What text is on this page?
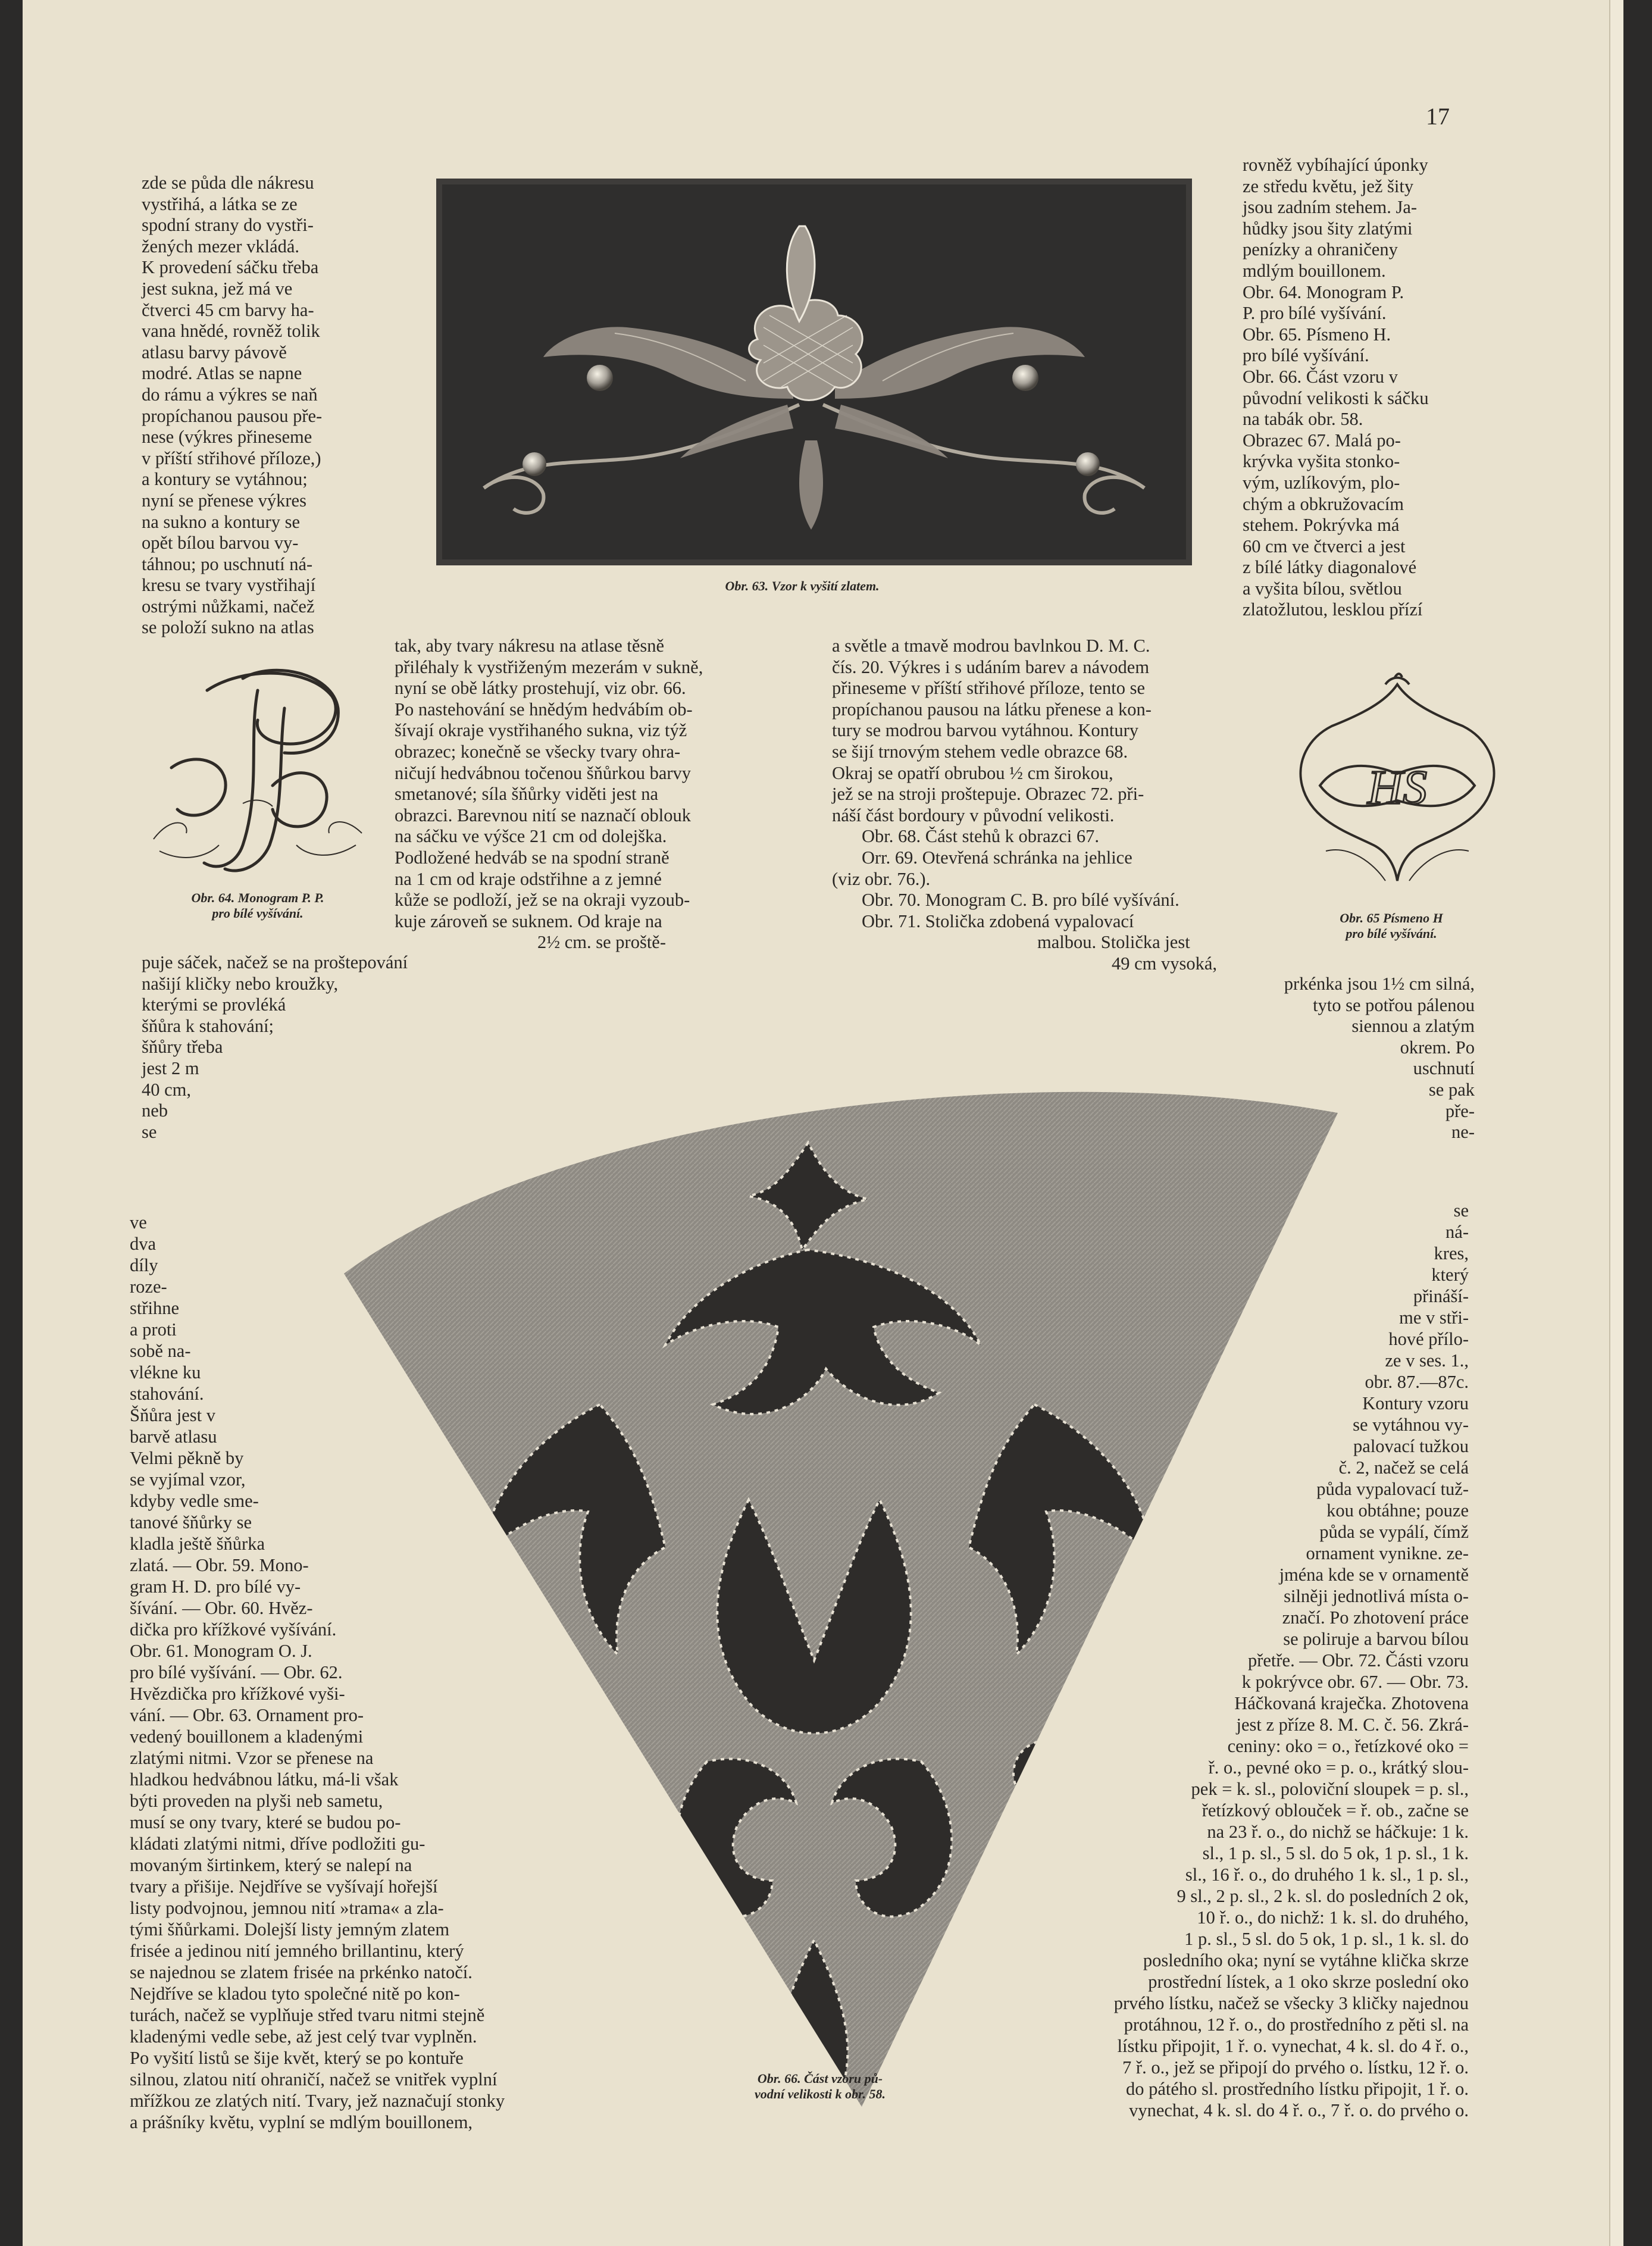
17
Obr. 63. Vzor k vyšití zlatem.
zde se půda dle nákresu
vystřihá, a látka se ze
spodní strany do vystři-
žených mezer vkládá.
K provedení sáčku třeba
jest sukna, jež má ve
čtverci 45 cm barvy ha-
vana hnědé, rovněž tolik
atlasu barvy pávově
modré. Atlas se napne
do rámu a výkres se naň
propíchanou pausou pře-
nese (výkres přineseme
v příští střihové příloze,)
a kontury se vytáhnou;
nyní se přenese výkres
na sukno a kontury se
opět bílou barvou vy-
táhnou; po uschnutí ná-
kresu se tvary vystřihají
ostrými nůžkami, načež
se položí sukno na atlas
rovněž vybíhající úponky
ze středu květu, jež šity
jsou zadním stehem. Ja-
hůdky jsou šity zlatými
penízky a ohraničeny
mdlým bouillonem.
Obr. 64. Monogram P.
P. pro bílé vyšívání.
Obr. 65. Písmeno H.
pro bílé vyšívání.
Obr. 66. Část vzoru v
původní velikosti k sáčku
na tabák obr. 58.
Obrazec 67. Malá po-
krývka vyšita stonko-
vým, uzlíkovým, plo-
chým a obkružovacím
stehem. Pokrývka má
60 cm ve čtverci a jest
z bílé látky diagonalové
a vyšita bílou, světlou
zlatožlutou, lesklou přízí
Obr. 64. Monogram P. P.
pro bílé vyšívání.
tak, aby tvary nákresu na atlase těsně
přiléhaly k vystřiženým mezerám v sukně,
nyní se obě látky prostehují, viz obr. 66.
Po nastehování se hnědým hedvábím ob-
šívají okraje vystřihaného sukna, viz týž
obrazec; konečně se všecky tvary ohra-
ničují hedvábnou točenou šňůrkou barvy
smetanové; síla šňůrky viděti jest na
obrazci. Barevnou nití se naznačí oblouk
na sáčku ve výšce 21 cm od dolejška.
Podložené hedváb se na spodní straně
na 1 cm od kraje odstřihne a z jemné
kůže se podloží, jež se na okraji vyzoub-
kuje zároveň se suknem. Od kraje na
2½ cm. se proště-
a světle a tmavě modrou bavlnkou D. M. C.
čís. 20. Výkres i s udáním barev a návodem
přineseme v příští střihové příloze, tento se
propíchanou pausou na látku přenese a kon-
tury se modrou barvou vytáhnou. Kontury
se šijí trnovým stehem vedle obrazce 68.
Okraj se opatří obrubou ½ cm širokou,
jež se na stroji proštepuje. Obrazec 72. při-
náší část bordoury v původní velikosti.
Obr. 68. Část stehů k obrazci 67.
Orr. 69. Otevřená schránka na jehlice
(viz obr. 76.).
Obr. 70. Monogram C. B. pro bílé vyšívání.
Obr. 71. Stolička zdobená vypalovací
malbou. Stolička jest
49 cm vysoká,
HS
Obr. 65 Písmeno H
pro bílé vyšívání.
puje sáček, načež se na proštepování
našijí kličky nebo kroužky,
kterými se provléká
šňůra k stahování;
šňůry třeba
jest 2 m
40 cm,
neb
se
prkénka jsou 1½ cm silná,
tyto se potřou pálenou
siennou a zlatým
okrem. Po
uschnutí
se pak
pře-
ne-
Obr. 66. Část vzoru pů-
vodní velikosti k obr. 58.
ve
dva
díly
roze-
střihne
a proti
sobě na-
vlékne ku
stahování.
Šňůra jest v
barvě atlasu
Velmi pěkně by
se vyjímal vzor,
kdyby vedle sme-
tanové šňůrky se
kladla ještě šňůrka
zlatá. — Obr. 59. Mono-
gram H. D. pro bílé vy-
šívání. — Obr. 60. Hvěz-
dička pro křížkové vyšívání.
Obr. 61. Monogram O. J.
pro bílé vyšívání. — Obr. 62.
Hvězdička pro křížkové vyši-
vání. — Obr. 63. Ornament pro-
vedený bouillonem a kladenými
zlatými nitmi. Vzor se přenese na
hladkou hedvábnou látku, má-li však
býti proveden na plyši neb sametu,
musí se ony tvary, které se budou po-
kládati zlatými nitmi, dříve podložiti gu-
movaným širtinkem, který se nalepí na
tvary a přišije. Nejdříve se vyšívají hořejší
listy podvojnou, jemnou nití »trama« a zla-
tými šňůrkami. Dolejší listy jemným zlatem
frisée a jedinou nití jemného brillantinu, který
se najednou se zlatem frisée na prkénko natočí.
Nejdříve se kladou tyto společné nitě po kon-
turách, načež se vyplňuje střed tvaru nitmi stejně
kladenými vedle sebe, až jest celý tvar vyplněn.
Po vyšití listů se šije květ, který se po kontuře
silnou, zlatou nití ohraničí, načež se vnitřek vyplní
mřížkou ze zlatých nití. Tvary, jež naznačují stonky
a prášníky květu, vyplní se mdlým bouillonem,
se
ná-
kres,
který
přináší-
me v stři-
hové přílo-
ze v ses. 1.,
obr. 87.—87c.
Kontury vzoru
se vytáhnou vy-
palovací tužkou
č. 2, načež se celá
půda vypalovací tuž-
kou obtáhne; pouze
půda se vypálí, čímž
ornament vynikne. ze-
jména kde se v ornamentě
silněji jednotlivá místa o-
značí. Po zhotovení práce
se poliruje a barvou bílou
přetře. — Obr. 72. Části vzoru
k pokrývce obr. 67. — Obr. 73.
Háčkovaná kraječka. Zhotovena
jest z příze 8. M. C. č. 56. Zkrá-
ceniny: oko = o., řetízkové oko =
ř. o., pevné oko = p. o., krátký slou-
pek = k. sl., poloviční sloupek = p. sl.,
řetízkový oblouček = ř. ob., začne se
na 23 ř. o., do nichž se háčkuje: 1 k.
sl., 1 p. sl., 5 sl. do 5 ok, 1 p. sl., 1 k.
sl., 16 ř. o., do druhého 1 k. sl., 1 p. sl.,
9 sl., 2 p. sl., 2 k. sl. do posledních 2 ok,
10 ř. o., do nichž: 1 k. sl. do druhého,
1 p. sl., 5 sl. do 5 ok, 1 p. sl., 1 k. sl. do
posledního oka; nyní se vytáhne klička skrze
prostřední lístek, a 1 oko skrze poslední oko
prvého lístku, načež se všecky 3 kličky najednou
protáhnou, 12 ř. o., do prostředního z pěti sl. na
lístku připojit, 1 ř. o. vynechat, 4 k. sl. do 4 ř. o.,
7 ř. o., jež se připojí do prvého o. lístku, 12 ř. o.
do pátého sl. prostředního lístku připojit, 1 ř. o.
vynechat, 4 k. sl. do 4 ř. o., 7 ř. o. do prvého o.
